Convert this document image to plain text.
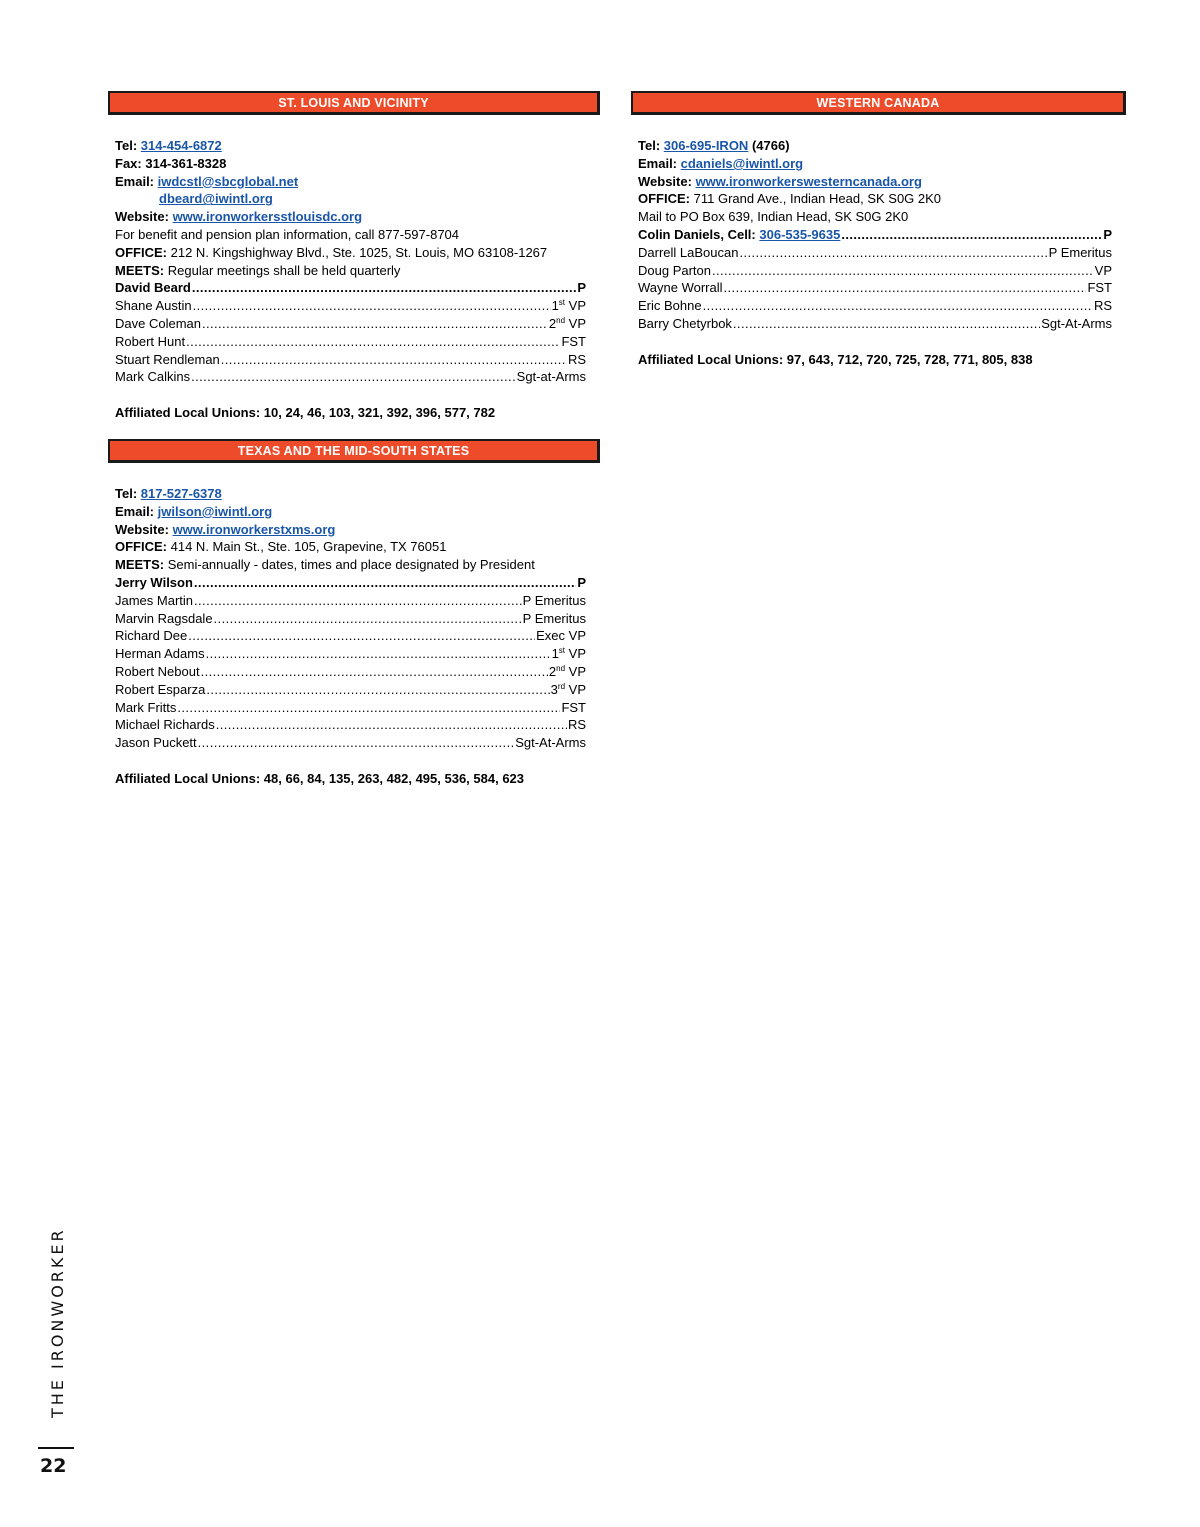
ST. LOUIS AND VICINITY
Tel: 314-454-6872
Fax: 314-361-8328
Email: iwdcstl@sbcglobal.net
dbeard@iwintl.org
Website: www.ironworkersstlouisdc.org
For benefit and pension plan information, call 877-597-8704
OFFICE: 212 N. Kingshighway Blvd., Ste. 1025, St. Louis, MO 63108-1267
MEETS: Regular meetings shall be held quarterly
David Beard .....	P
Shane Austin .....	1st VP
Dave Coleman .....	2nd VP
Robert Hunt .....	FST
Stuart Rendleman .....	RS
Mark Calkins .....	Sgt-at-Arms
Affiliated Local Unions: 10, 24, 46, 103, 321, 392, 396, 577, 782
TEXAS AND THE MID-SOUTH STATES
Tel: 817-527-6378
Email: jwilson@iwintl.org
Website: www.ironworkerstxms.org
OFFICE: 414 N. Main St., Ste. 105, Grapevine, TX 76051
MEETS: Semi-annually - dates, times and place designated by President
Jerry Wilson .....	P
James Martin .....	P Emeritus
Marvin Ragsdale .....	P Emeritus
Richard Dee .....	Exec VP
Herman Adams .....	1st VP
Robert Nebout .....	2nd VP
Robert Esparza .....	3rd VP
Mark Fritts .....	FST
Michael Richards .....	RS
Jason Puckett .....	Sgt-At-Arms
Affiliated Local Unions: 48, 66, 84, 135, 263, 482, 495, 536, 584, 623
WESTERN CANADA
Tel: 306-695-IRON (4766)
Email: cdaniels@iwintl.org
Website: www.ironworkerswesterncanada.org
OFFICE: 711 Grand Ave., Indian Head, SK S0G 2K0
Mail to PO Box 639, Indian Head, SK S0G 2K0
Colin Daniels, Cell:
306-535-9635 .....	P
Darrell LaBoucan .....	P Emeritus
Doug Parton .....	VP
Wayne Worrall .....	FST
Eric Bohne .....	RS
Barry Chetyrbok .....	Sgt-At-Arms
Affiliated Local Unions: 97, 643, 712, 720, 725, 728, 771, 805, 838
THE IRONWORKER
22
